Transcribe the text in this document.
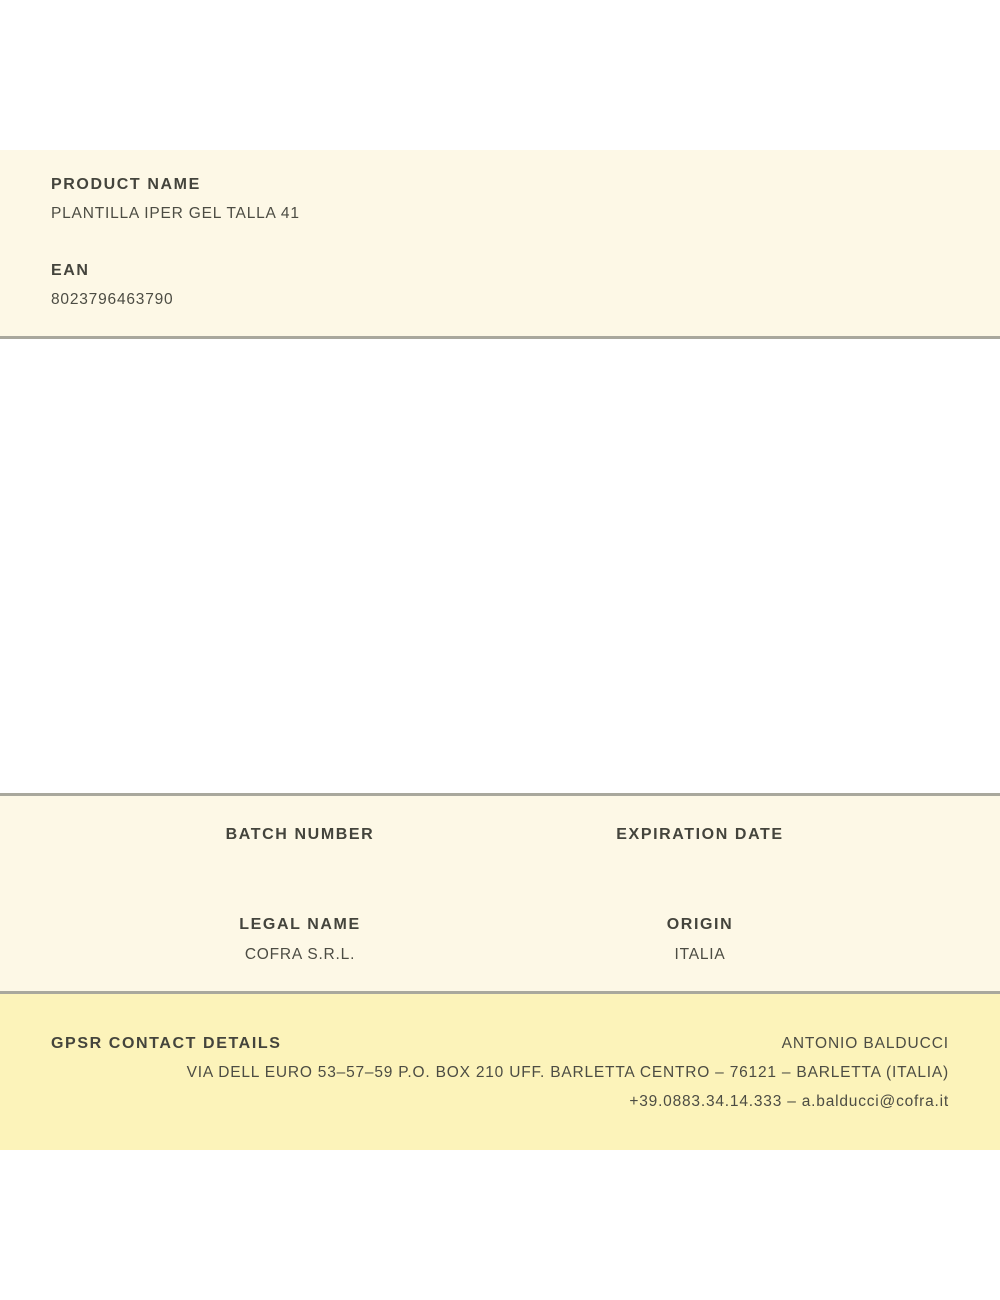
PRODUCT NAME
PLANTILLA IPER GEL TALLA 41
EAN
8023796463790
BATCH NUMBER
LEGAL NAME
COFRA S.R.L.
EXPIRATION DATE
ORIGIN
ITALIA
GPSR CONTACT DETAILS	ANTONIO BALDUCCI
VIA DELL EURO 53–57–59 P.O. BOX 210 UFF. BARLETTA CENTRO – 76121 – BARLETTA (ITALIA)
+39.0883.34.14.333 – a.balducci@cofra.it
